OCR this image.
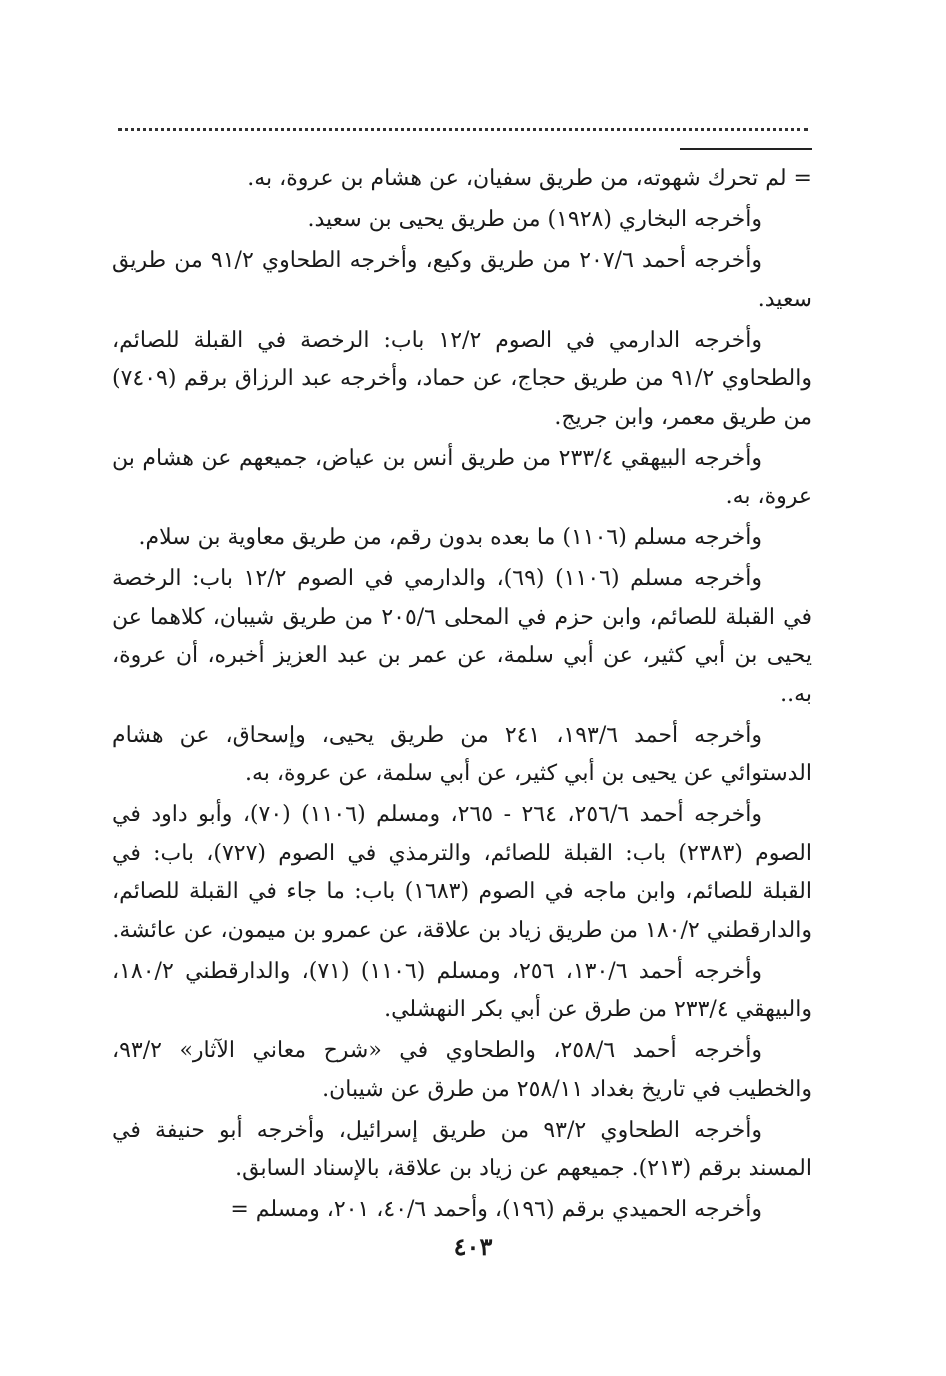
= لم تحرك شهوته، من طريق سفيان، عن هشام بن عروة، به.

وأخرجه البخاري (١٩٢٨) من طريق يحيى بن سعيد.

وأخرجه أحمد ٢٠٧/٦ من طريق وكيع، وأخرجه الطحاوي ٩١/٢ من طريق سعيد.

وأخرجه الدارمي في الصوم ١٢/٢ باب: الرخصة في القبلة للصائم، والطحاوي ٩١/٢ من طريق حجاج، عن حماد، وأخرجه عبد الرزاق برقم (٧٤٠٩) من طريق معمر، وابن جريج.

وأخرجه البيهقي ٢٣٣/٤ من طريق أنس بن عياض، جميعهم عن هشام بن عروة، به.

وأخرجه مسلم (١١٠٦) ما بعده بدون رقم، من طريق معاوية بن سلام.

وأخرجه مسلم (١١٠٦) (٦٩)، والدارمي في الصوم ١٢/٢ باب: الرخصة في القبلة للصائم، وابن حزم في المحلى ٢٠٥/٦ من طريق شيبان، كلاهما عن يحيى بن أبي كثير، عن أبي سلمة، عن عمر بن عبد العزيز أخبره، أن عروة، به..

وأخرجه أحمد ١٩٣/٦، ٢٤١ من طريق يحيى، وإسحاق، عن هشام الدستوائي عن يحيى بن أبي كثير، عن أبي سلمة، عن عروة، به.

وأخرجه أحمد ٢٥٦/٦، ٢٦٤ - ٢٦٥، ومسلم (١١٠٦) (٧٠)، وأبو داود في الصوم (٢٣٨٣) باب: القبلة للصائم، والترمذي في الصوم (٧٢٧)، باب: في القبلة للصائم، وابن ماجه في الصوم (١٦٨٣) باب: ما جاء في القبلة للصائم، والدارقطني ١٨٠/٢ من طريق زياد بن علاقة، عن عمرو بن ميمون، عن عائشة.

وأخرجه أحمد ١٣٠/٦، ٢٥٦، ومسلم (١١٠٦) (٧١)، والدارقطني ١٨٠/٢، والبيهقي ٢٣٣/٤ من طرق عن أبي بكر النهشلي.

وأخرجه أحمد ٢٥٨/٦، والطحاوي في «شرح معاني الآثار» ٩٣/٢، والخطيب في تاريخ بغداد ٢٥٨/١١ من طرق عن شيبان.

وأخرجه الطحاوي ٩٣/٢ من طريق إسرائيل، وأخرجه أبو حنيفة في المسند برقم (٢١٣). جميعهم عن زياد بن علاقة، بالإسناد السابق.

وأخرجه الحميدي برقم (١٩٦)، وأحمد ٤٠/٦، ٢٠١، ومسلم =

٤٠٣
